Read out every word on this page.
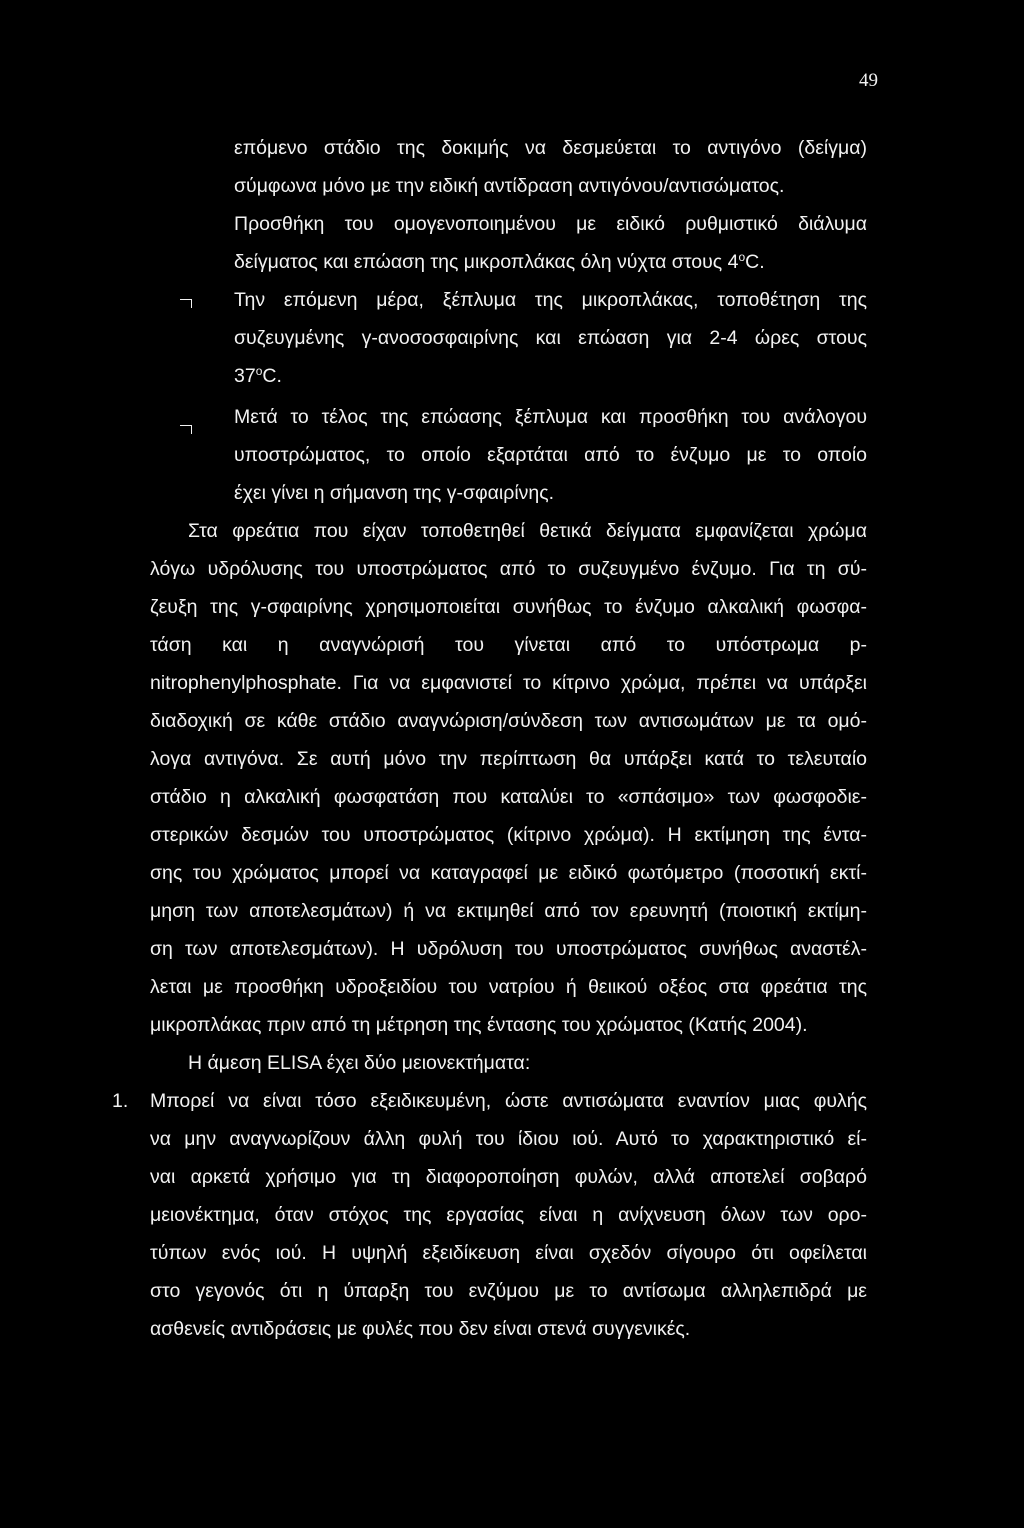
49
επόμενο στάδιο της δοκιμής να δεσμεύεται το αντιγόνο (δείγμα)
σύμφωνα μόνο με την ειδική αντίδραση αντιγόνου/αντισώματος.
Προσθήκη του ομογενοποιημένου με ειδικό ρυθμιστικό διάλυμα
δείγματος και επώαση της μικροπλάκας όλη νύχτα στους 4$^o$C.
Την επόμενη μέρα, ξέπλυμα της μικροπλάκας, τοποθέτηση της
συζευγμένης γ-ανοσοσφαιρίνης και επώαση για 2-4 ώρες στους
37$^o$C.
Μετά το τέλος της επώασης ξέπλυμα και προσθήκη του ανάλογου
υποστρώματος, το οποίο εξαρτάται από το ένζυμο με το οποίο
έχει γίνει η σήμανση της γ-σφαιρίνης.
Στα φρεάτια που είχαν τοποθετηθεί θετικά δείγματα εμφανίζεται χρώμα
λόγω υδρόλυσης του υποστρώματος από το συζευγμένο ένζυμο. Για τη σύ-
ζευξη της γ-σφαιρίνης χρησιμοποιείται συνήθως το ένζυμο αλκαλική φωσφα-
τάση και η αναγνώρισή του γίνεται από το υπόστρωμα p-
nitrophenylphosphate. Για να εμφανιστεί το κίτρινο χρώμα, πρέπει να υπάρξει
διαδοχική σε κάθε στάδιο αναγνώριση/σύνδεση των αντισωμάτων με τα ομό-
λογα αντιγόνα. Σε αυτή μόνο την περίπτωση θα υπάρξει κατά το τελευταίο
στάδιο η αλκαλική φωσφατάση που καταλύει το «σπάσιμο» των φωσφοδιε-
στερικών δεσμών του υποστρώματος (κίτρινο χρώμα). Η εκτίμηση της έντα-
σης του χρώματος μπορεί να καταγραφεί με ειδικό φωτόμετρο (ποσοτική εκτί-
μηση των αποτελεσμάτων) ή να εκτιμηθεί από τον ερευνητή (ποιοτική εκτίμη-
ση των αποτελεσμάτων). Η υδρόλυση του υποστρώματος συνήθως αναστέλ-
λεται με προσθήκη υδροξειδίου του νατρίου ή θειικού οξέος στα φρεάτια της
μικροπλάκας πριν από τη μέτρηση της έντασης του χρώματος (Κατής 2004).
Η άμεση ELISA έχει δύο μειονεκτήματα:
1. Μπορεί να είναι τόσο εξειδικευμένη, ώστε αντισώματα εναντίον μιας φυλής
να μην αναγνωρίζουν άλλη φυλή του ίδιου ιού. Αυτό το χαρακτηριστικό εί-
ναι αρκετά χρήσιμο για τη διαφοροποίηση φυλών, αλλά αποτελεί σοβαρό
μειονέκτημα, όταν στόχος της εργασίας είναι η ανίχνευση όλων των ορο-
τύπων ενός ιού. Η υψηλή εξειδίκευση είναι σχεδόν σίγουρο ότι οφείλεται
στο γεγονός ότι η ύπαρξη του ενζύμου με το αντίσωμα αλληλεπιδρά με
ασθενείς αντιδράσεις με φυλές που δεν είναι στενά συγγενικές.
